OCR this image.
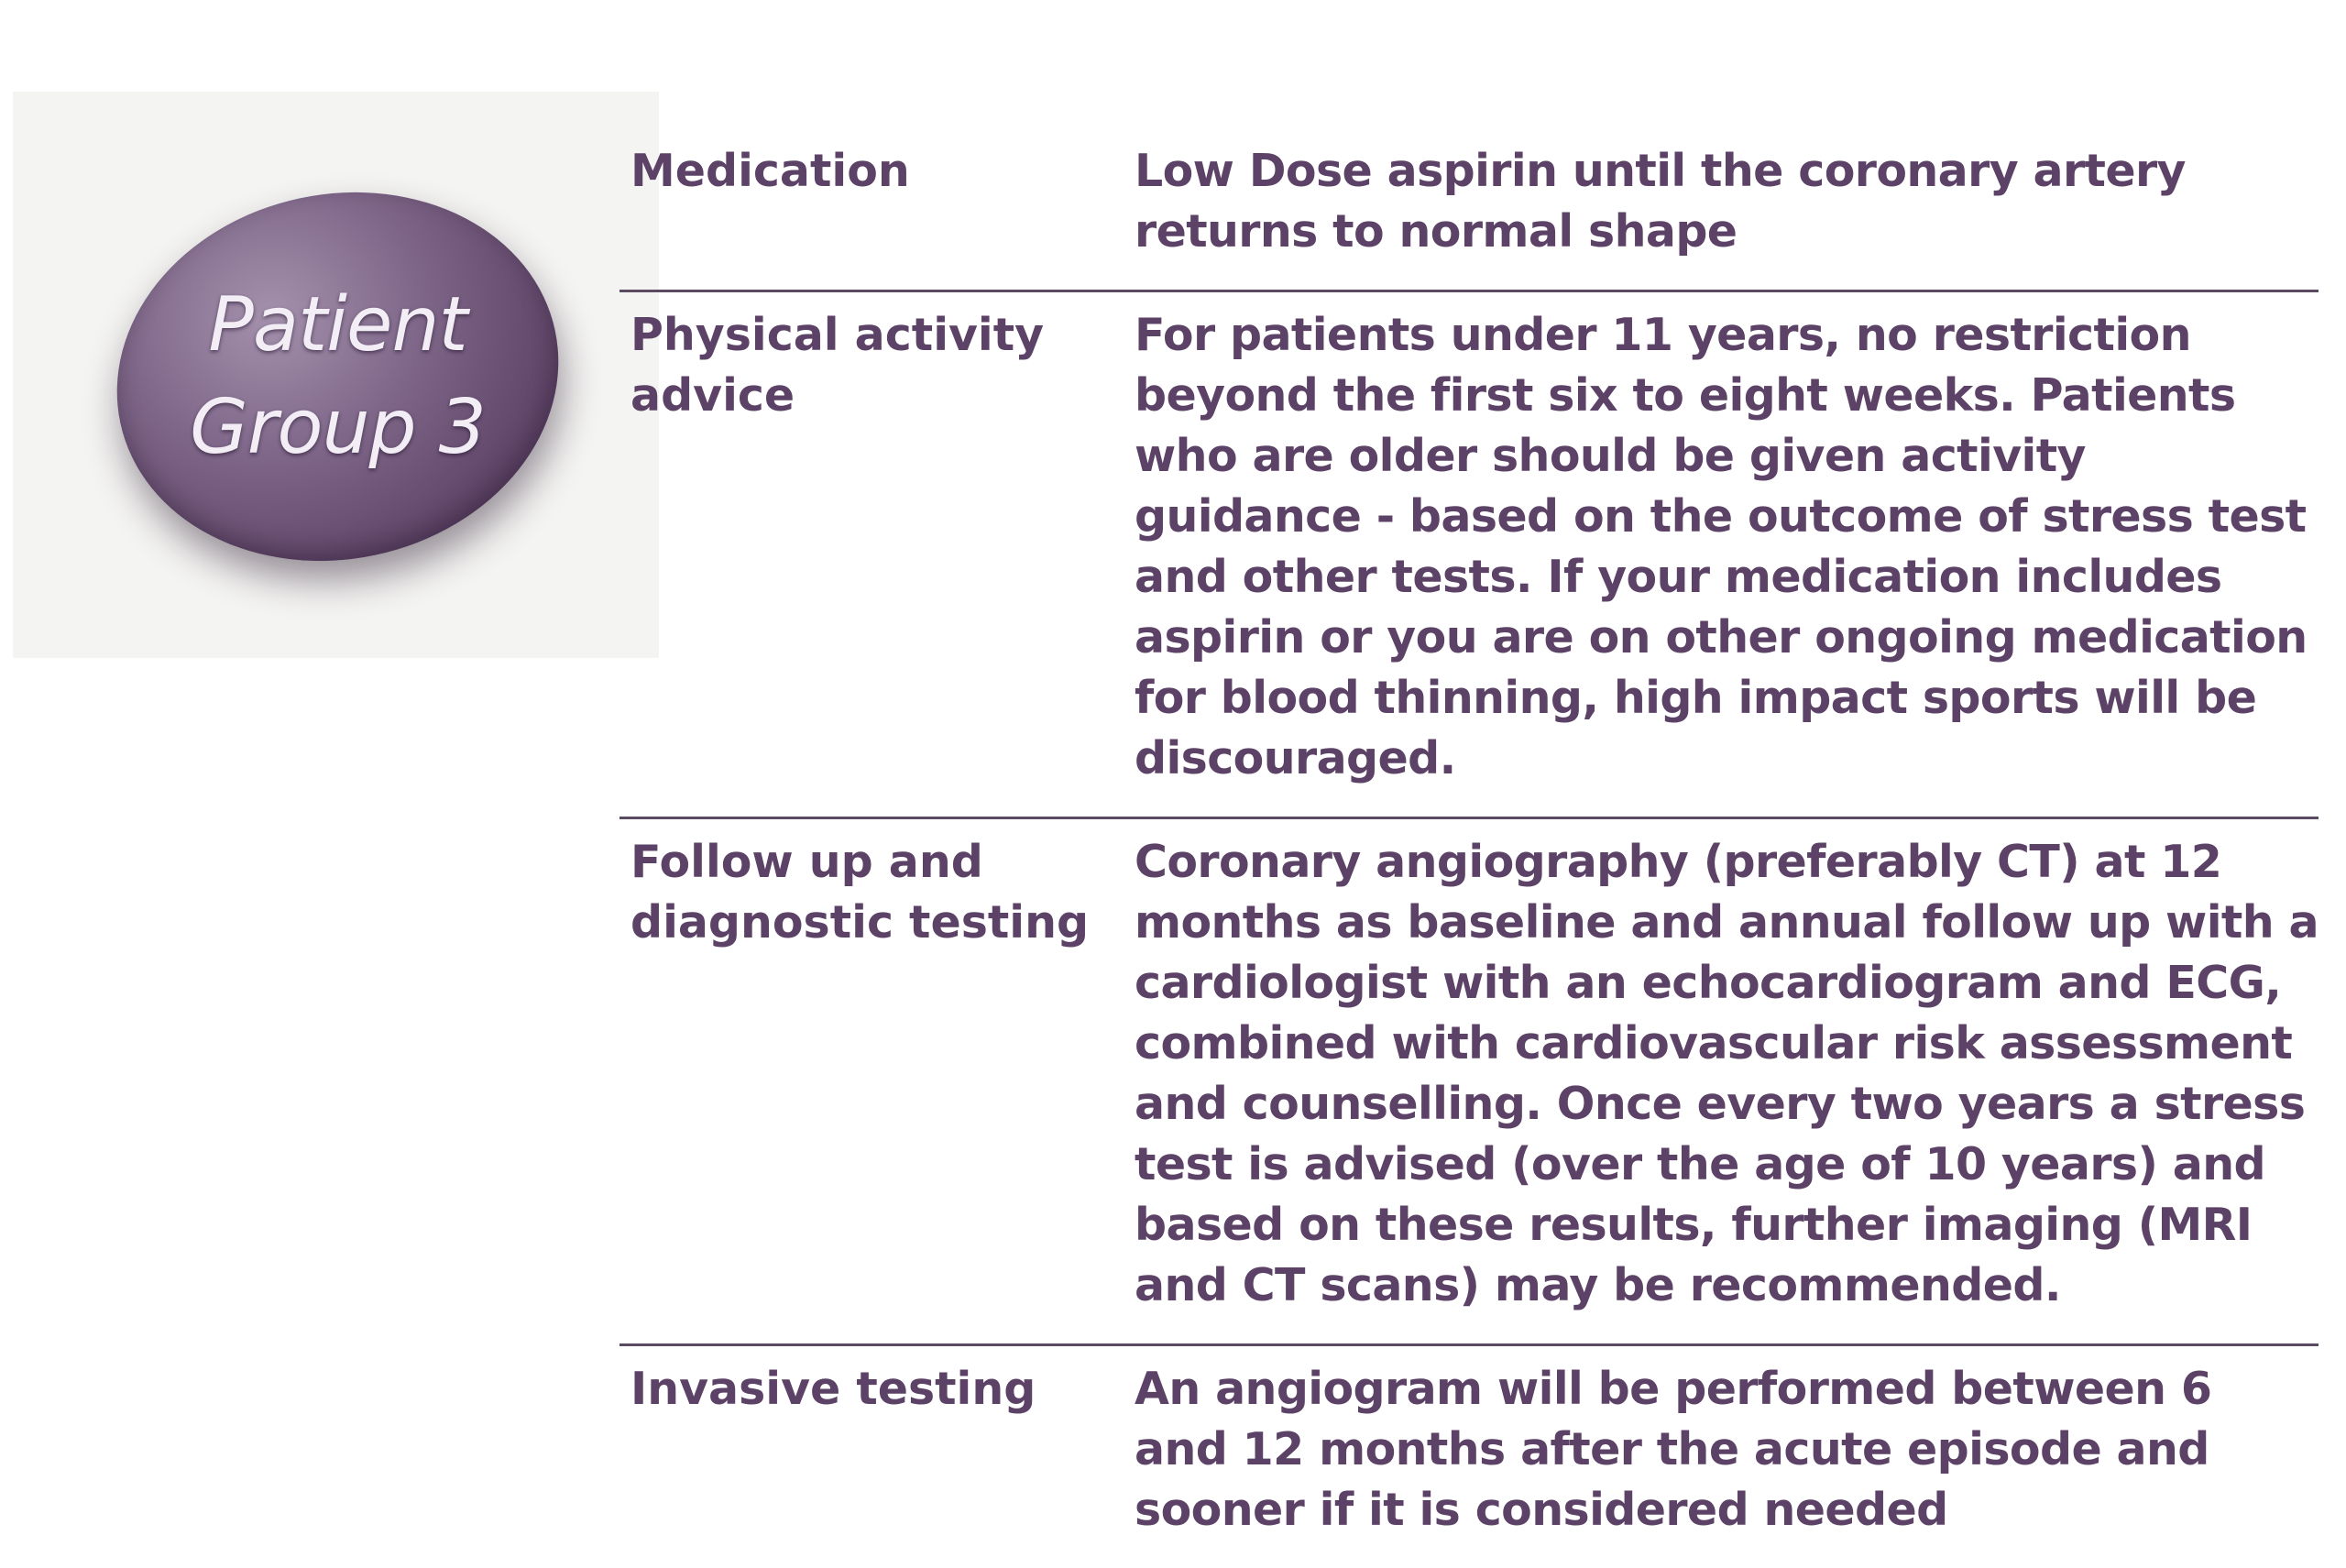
Patient
Group 3
Medication	Low Dose aspirin until the coronary artery returns to normal shape
Physical activity advice
For patients under 11 years, no restriction beyond the first six to eight weeks. Patients who are older should be given activity guidance - based on the outcome of stress test and other tests. If your medication includes aspirin or you are on other ongoing medication for blood thinning, high impact sports will be discouraged.
Follow up and diagnostic testing
Coronary angiography (preferably CT) at 12 months as baseline and annual follow up with a cardiologist with an echocardiogram and ECG, combined with cardiovascular risk assessment and counselling. Once every two years a stress test is advised (over the age of 10 years) and based on these results, further imaging (MRI and CT scans) may be recommended.
Invasive testing	An angiogram will be performed between 6 and 12 months after the acute episode and sooner if it is considered needed
